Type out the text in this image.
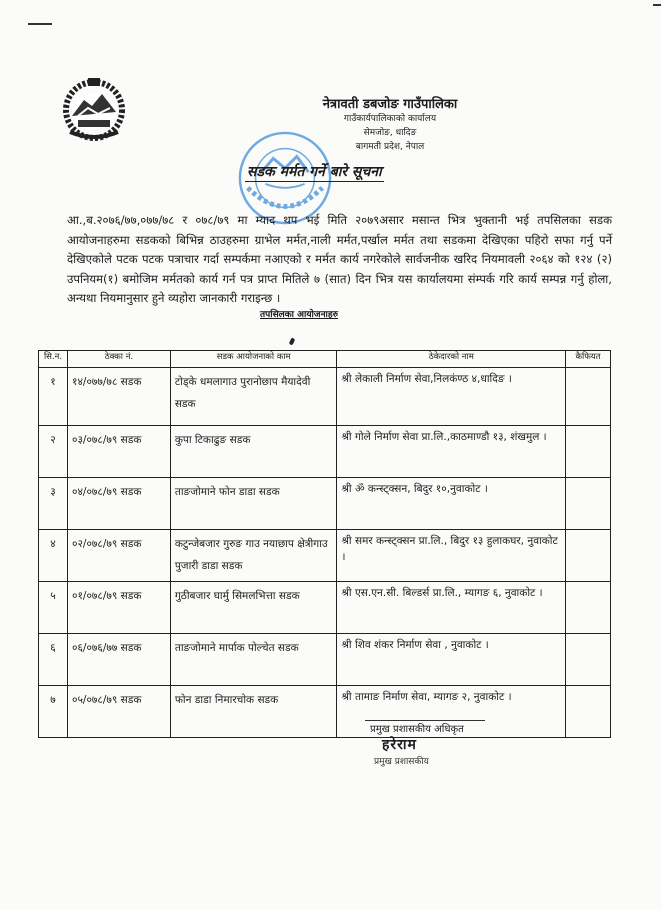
नेत्रावती डबजोङ गाउँपालिका
गाउँकार्यपालिकाको कार्यालय
सेमजोङ, धादिङ
बागमती प्रदेश, नेपाल
सडक मर्मत गर्ने बारे सूचना
आ.,ब.२०७६/७७,०७७/७८ र ०७८/७९ मा म्याद थप भई मिति २०७९असार मसान्त भित्र भुक्तानी भई तपसिलका सडक आयोजनाहरुमा सडकको बिभिन्न ठाउहरुमा ग्राभेल मर्मत,नाली मर्मत,पर्खाल मर्मत तथा सडकमा देखिएका पहिरो सफा गर्नु पर्ने देखिएकोले पटक पटक पत्राचार गर्दा सम्पर्कमा नआएको र मर्मत कार्य नगरेकोले सार्वजनीक खरिद नियमावली २०६४ को १२४ (२) उपनियम(१) बमोजिम मर्मतको कार्य गर्न पत्र प्राप्त मितिले ७ (सात) दिन भित्र यस कार्यालयमा संम्पर्क गरि कार्य सम्पन्न गर्नु होला, अन्यथा नियमानुसार हुने व्यहोरा जानकारी गराइन्छ ।
तपसिलका आयोजनाहरु
सि.न.	ठेक्का नं.	सडक आयोजनाको काम	ठेकेदारको नाम	कैफियत
१	१४/०७७/७८ सडक	टोड्के धमलागाउ पुरानोछाप मैयादेवी सडक	श्री लेकाली निर्माण सेवा,निलकंण्ठ ४,धादिङ ।	
२	०३/०७८/७९ सडक	कुपा टिकाढुङ सडक	श्री गोले निर्माण सेवा प्रा.लि.,काठमाण्डौ १३, शंखमुल ।	
३	०४/०७८/७९ सडक	ताङजोमाने फोन डाडा सडक	श्री ॐ कन्स्ट्क्सन, बिदुर १०,नुवाकोट ।	
४	०२/०७८/७९ सडक	कटुन्जेबजार गुरुङ गाउ नयाछाप क्षेत्रीगाउ पुजारी डाडा सडक	श्री समर कन्स्ट्क्सन प्रा.लि., बिदुर १३ हुलाकघर, नुवाकोट ।	
५	०१/०७८/७९ सडक	गुठीबजार घार्मु सिमलभित्ता सडक	श्री एस.एन.सी. बिल्डर्स प्रा.लि., म्यागङ ६, नुवाकोट ।	
६	०६/०७६/७७ सडक	ताङजोमाने मार्पाक पोल्चेत सडक	श्री शिव शंकर निर्माण सेवा , नुवाकोट ।	
७	०५/०७८/७९ सडक	फोन डाडा निमारचोक सडक	श्री तामाङ निर्माण सेवा, म्यागङ २, नुवाकोट ।	
प्रमुख प्रशासकीय अधिकृत
हरेराम
प्रमुख प्रशासकीय
